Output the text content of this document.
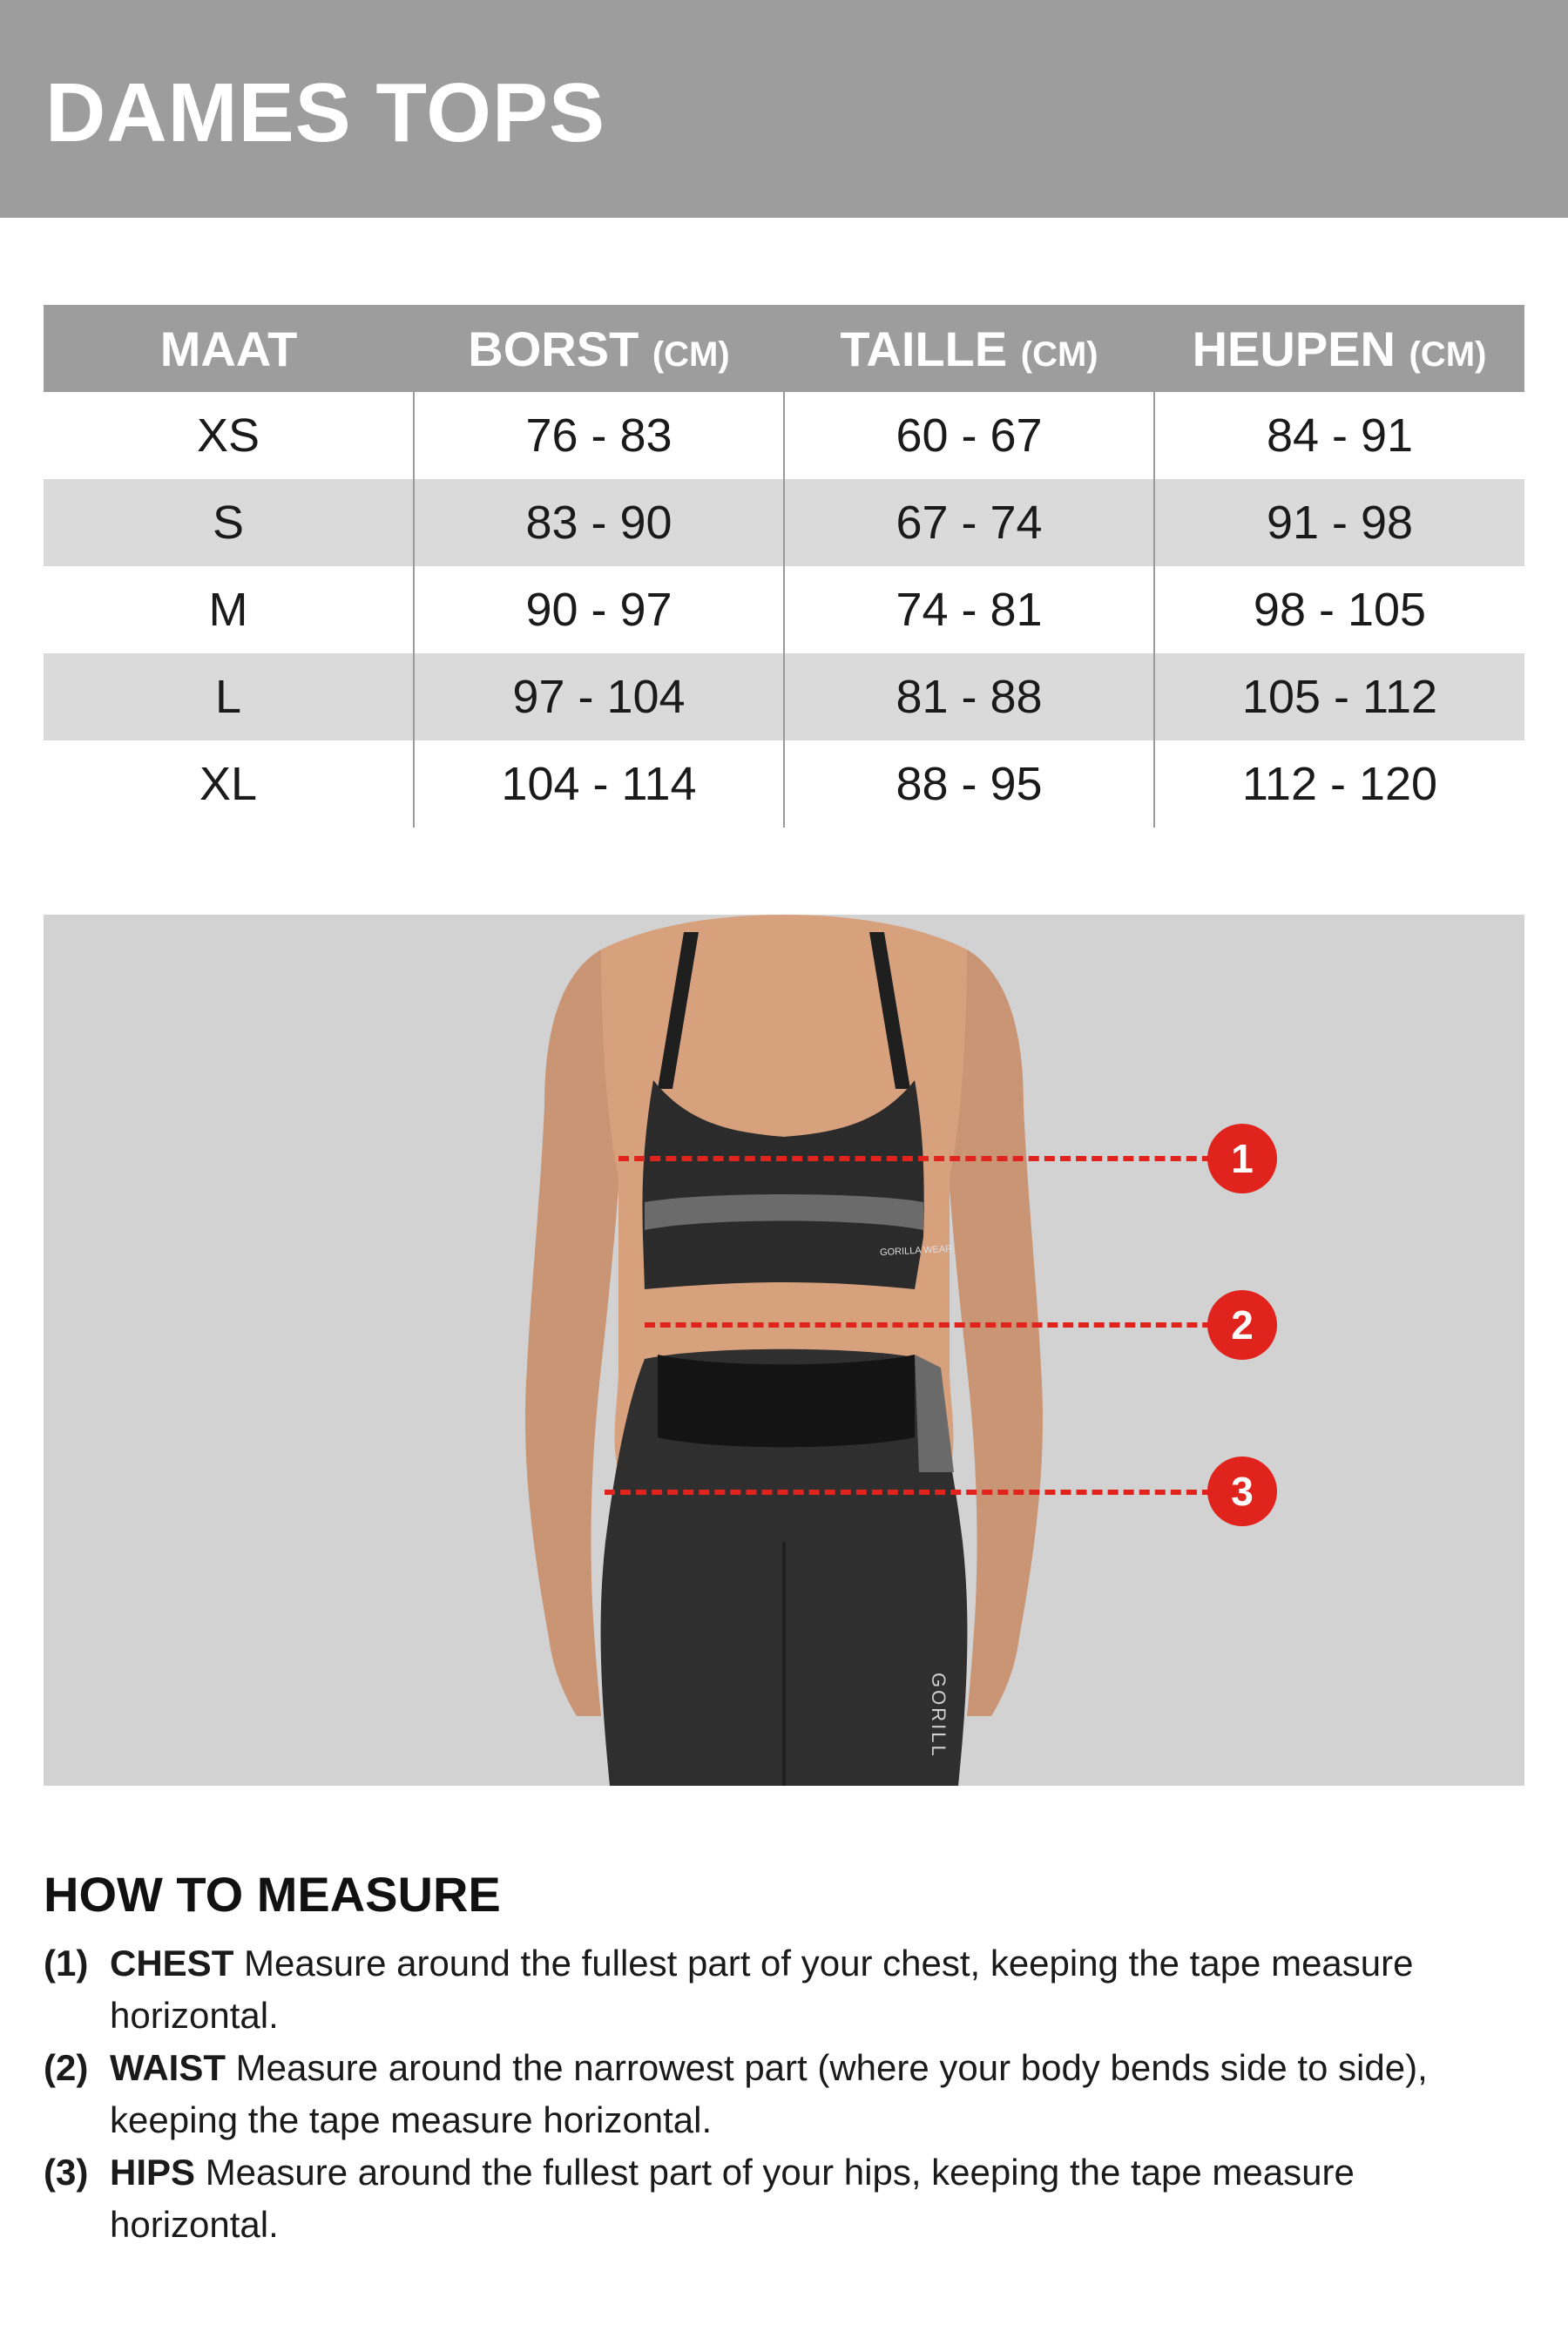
DAMES TOPS
MAAT	BORST (CM)	TAILLE (CM)	HEUPEN (CM)
XS	76 - 83	60 - 67	84 - 91
S	83 - 90	67 - 74	91 - 98
M	90 - 97	74 - 81	98 - 105
L	97 - 104	81 - 88	105 - 112
XL	104 - 114	88 - 95	112 - 120
1
2
3
GORILLA WEAR
GORILL
HOW TO MEASURE
(1) CHEST Measure around the fullest part of your chest, keeping the tape measure horizontal.
(2) WAIST Measure around the narrowest part (where your body bends side to side), keeping the tape measure horizontal.
(3) HIPS Measure around the fullest part of your hips, keeping the tape measure horizontal.
